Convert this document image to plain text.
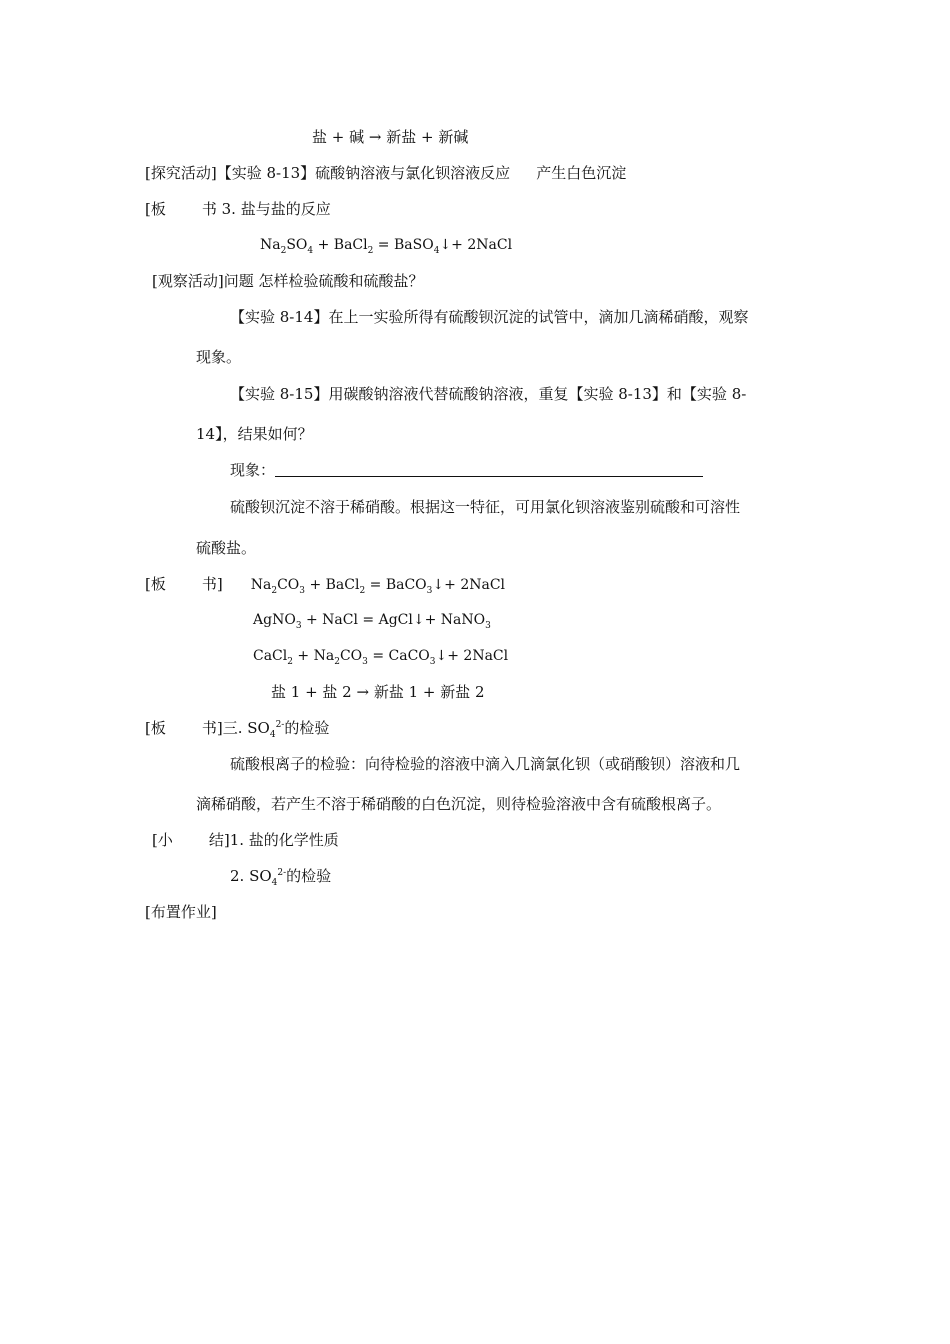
盐 + 碱 → 新盐 + 新碱
[探究活动]【实验 8-13】硫酸钠溶液与氯化钡溶液反应 产生白色沉淀
[板 书 3. 盐与盐的反应
$Na_2SO_4$ + BaCl$_2$ = BaSO$_4$↓+ 2NaCl
[观察活动]问题 怎样检验硫酸和硫酸盐？
【实验 8-14】在上一实验所得有硫酸钡沉淀的试管中，滴加几滴稀硝酸，观察
现象。
【实验 8-15】用碳酸钠溶液代替硫酸钠溶液，重复【实验 8-13】和【实验 8-
14】，结果如何？
现象：
硫酸钡沉淀不溶于稀硝酸。根据这一特征，可用氯化钡溶液鉴别硫酸和可溶性
硫酸盐。
[板 书] $Na_2CO_3$ + BaCl$_2$ = BaCO$_3$↓+ 2NaCl
AgNO$_3$ + NaCl = AgCl↓+ NaNO$_3$
CaCl$_2$ + $Na_2CO_3$ = CaCO$_3$↓+ 2NaCl
盐 1 + 盐 2 → 新盐 1 + 新盐 2
[板 书]三. $SO_4^{2-}$的检验
硫酸根离子的检验：向待检验的溶液中滴入几滴氯化钡（或硝酸钡）溶液和几
滴稀硝酸，若产生不溶于稀硝酸的白色沉淀，则待检验溶液中含有硫酸根离子。
[小 结]1. 盐的化学性质
2. $SO_4^{2-}$的检验
[布置作业]
